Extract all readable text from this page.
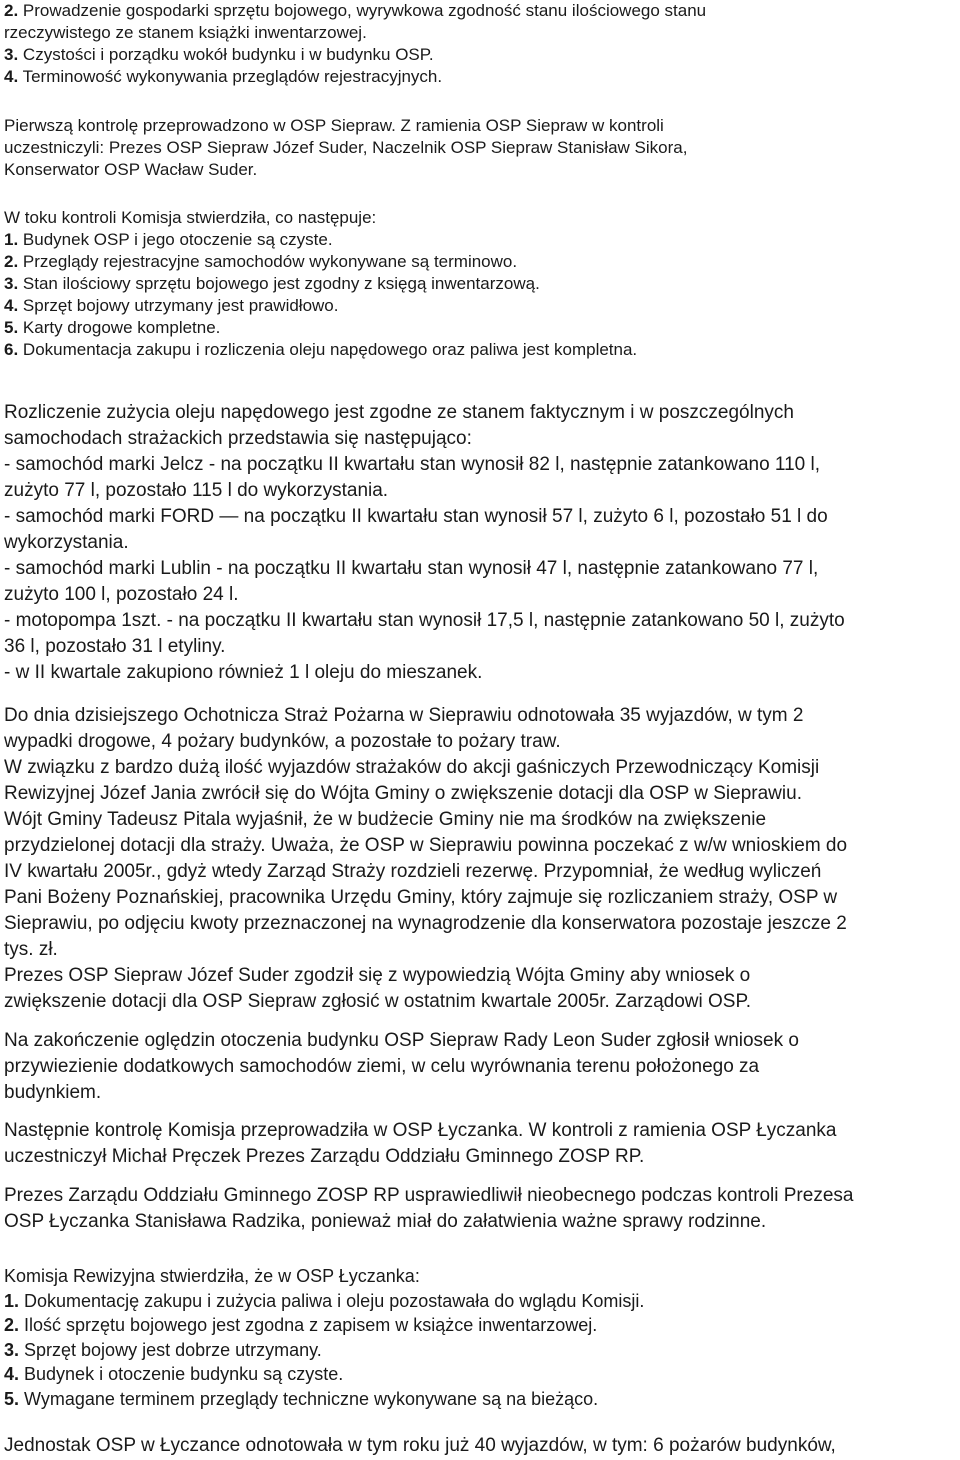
2. Prowadzenie gospodarki sprzętu bojowego, wyrywkowa zgodność stanu ilościowego stanu

rzeczywistego ze stanem książki inwentarzowej.

3. Czystości i porządku wokół budynku i w budynku OSP.

4. Terminowość wykonywania przeglądów rejestracyjnych.

Pierwszą kontrolę przeprowadzono w OSP Siepraw. Z ramienia OSP Siepraw w kontroli

uczestniczyli: Prezes OSP Siepraw Józef Suder, Naczelnik OSP Siepraw Stanisław Sikora,

Konserwator OSP Wacław Suder.

W toku kontroli Komisja stwierdziła, co następuje:

1. Budynek OSP i jego otoczenie są czyste.

2. Przeglądy rejestracyjne samochodów wykonywane są terminowo.

3. Stan ilościowy sprzętu bojowego jest zgodny z księgą inwentarzową.

4. Sprzęt bojowy utrzymany jest prawidłowo.

5. Karty drogowe kompletne.

6. Dokumentacja zakupu i rozliczenia oleju napędowego oraz paliwa jest kompletna.

Rozliczenie zużycia oleju napędowego jest zgodne ze stanem faktycznym i w poszczególnych

samochodach strażackich przedstawia się następująco:

- samochód marki Jelcz - na początku II kwartału stan wynosił 82 l, następnie zatankowano 110 l,

zużyto 77 l, pozostało 115 l do wykorzystania.

- samochód marki FORD — na początku II kwartału stan wynosił 57 l, zużyto 6 l, pozostało 51 l do

wykorzystania.

- samochód marki Lublin - na początku II kwartału stan wynosił 47 l, następnie zatankowano 77 l,

zużyto 100 l, pozostało 24 l.

- motopompa 1szt. - na początku II kwartału stan wynosił 17,5 l, następnie zatankowano 50 l, zużyto

36 l, pozostało 31 l etyliny.

- w II kwartale zakupiono również 1 l oleju do mieszanek.

Do dnia dzisiejszego Ochotnicza Straż Pożarna w Sieprawiu odnotowała 35 wyjazdów, w tym 2

wypadki drogowe, 4 pożary budynków, a pozostałe to pożary traw.

W związku z bardzo dużą ilość wyjazdów strażaków do akcji gaśniczych Przewodniczący Komisji

Rewizyjnej Józef Jania zwrócił się do Wójta Gminy o zwiększenie dotacji dla OSP w Sieprawiu.

Wójt Gminy Tadeusz Pitala wyjaśnił, że w budżecie Gminy nie ma środków na zwiększenie

przydzielonej dotacji dla straży. Uważa, że OSP w Sieprawiu powinna poczekać z w/w wnioskiem do

IV kwartału 2005r., gdyż wtedy Zarząd Straży rozdzieli rezerwę. Przypomniał, że według wyliczeń

Pani Bożeny Poznańskiej, pracownika Urzędu Gminy, który zajmuje się rozliczaniem straży, OSP w

Sieprawiu, po odjęciu kwoty przeznaczonej na wynagrodzenie dla konserwatora pozostaje jeszcze 2

tys. zł.

Prezes OSP Siepraw Józef Suder zgodził się z wypowiedzią Wójta Gminy aby wniosek o

zwiększenie dotacji dla OSP Siepraw zgłosić w ostatnim kwartale 2005r. Zarządowi OSP.

Na zakończenie oględzin otoczenia budynku OSP Siepraw Rady Leon Suder zgłosił wniosek o

przywiezienie dodatkowych samochodów ziemi, w celu wyrównania terenu położonego za

budynkiem.

Następnie kontrolę Komisja przeprowadziła w OSP Łyczanka. W kontroli z ramienia OSP Łyczanka

uczestniczył Michał Pręczek Prezes Zarządu Oddziału Gminnego ZOSP RP.

Prezes Zarządu Oddziału Gminnego ZOSP RP usprawiedliwił nieobecnego podczas kontroli Prezesa

OSP Łyczanka Stanisława Radzika, ponieważ miał do załatwienia ważne sprawy rodzinne.

Komisja Rewizyjna stwierdziła, że w OSP Łyczanka:

1. Dokumentację zakupu i zużycia paliwa i oleju pozostawała do wglądu Komisji.

2. Ilość sprzętu bojowego jest zgodna z zapisem w książce inwentarzowej.

3. Sprzęt bojowy jest dobrze utrzymany.

4. Budynek i otoczenie budynku są czyste.

5. Wymagane terminem przeglądy techniczne wykonywane są na bieżąco.

Jednostak OSP w Łyczance odnotowała w tym roku już 40 wyjazdów, w tym: 6 pożarów budynków,
